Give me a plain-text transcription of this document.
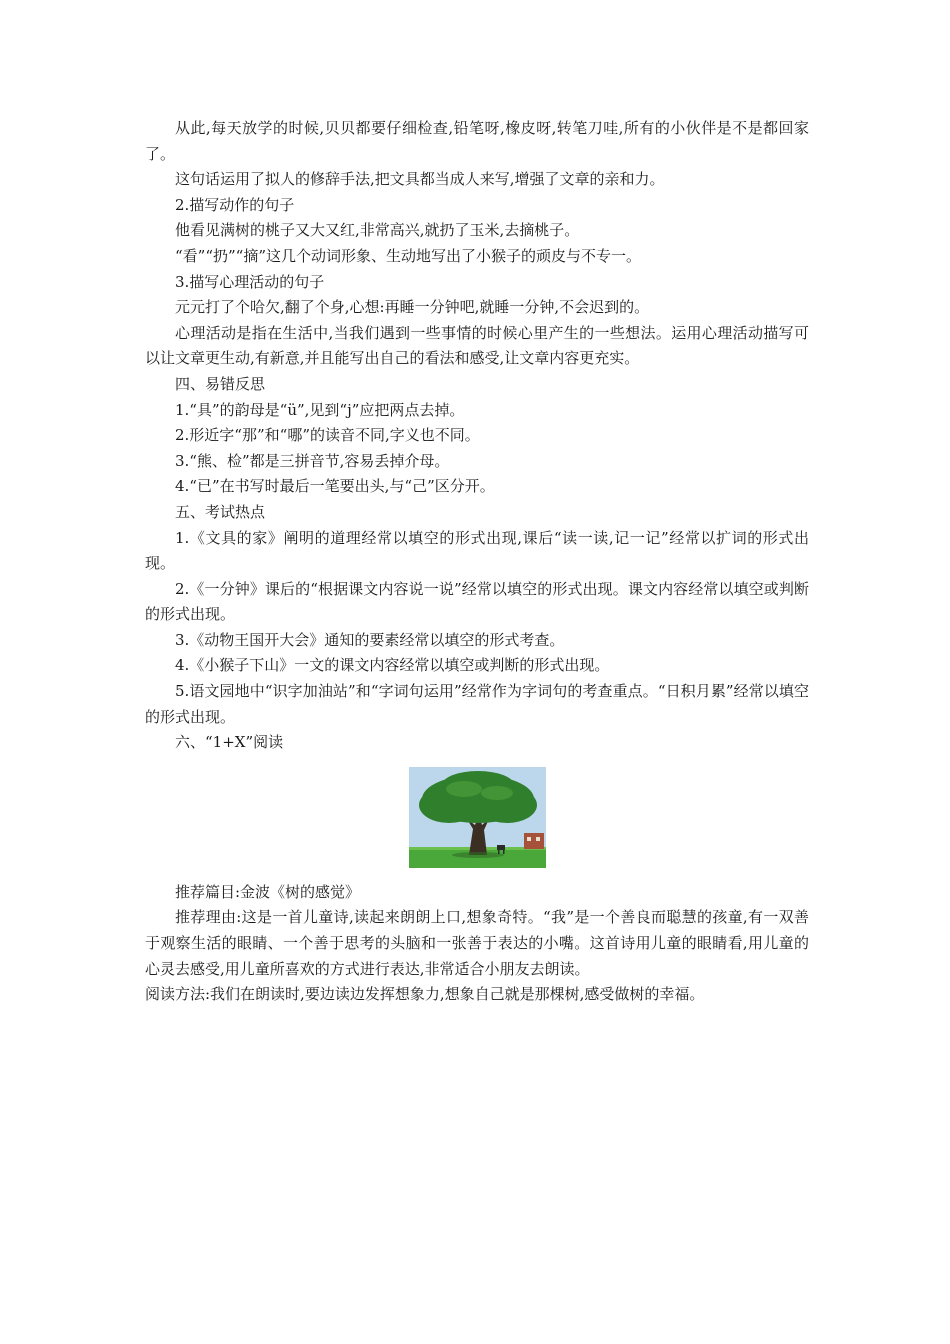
从此,每天放学的时候,贝贝都要仔细检查,铅笔呀,橡皮呀,转笔刀哇,所有的小伙伴是不是都回家了。

这句话运用了拟人的修辞手法,把文具都当成人来写,增强了文章的亲和力。

2.描写动作的句子

他看见满树的桃子又大又红,非常高兴,就扔了玉米,去摘桃子。

“看”“扔”“摘”这几个动词形象、生动地写出了小猴子的顽皮与不专一。

3.描写心理活动的句子

元元打了个哈欠,翻了个身,心想:再睡一分钟吧,就睡一分钟,不会迟到的。

心理活动是指在生活中,当我们遇到一些事情的时候心里产生的一些想法。运用心理活动描写可以让文章更生动,有新意,并且能写出自己的看法和感受,让文章内容更充实。

四、易错反思

1.“具”的韵母是“ü”,见到“j”应把两点去掉。

2.形近字“那”和“哪”的读音不同,字义也不同。

3.“熊、检”都是三拼音节,容易丢掉介母。

4.“已”在书写时最后一笔要出头,与“己”区分开。

五、考试热点

1.《文具的家》阐明的道理经常以填空的形式出现,课后“读一读,记一记”经常以扩词的形式出现。

2.《一分钟》课后的“根据课文内容说一说”经常以填空的形式出现。课文内容经常以填空或判断的形式出现。

3.《动物王国开大会》通知的要素经常以填空的形式考查。

4.《小猴子下山》一文的课文内容经常以填空或判断的形式出现。

5.语文园地中“识字加油站”和“字词句运用”经常作为字词句的考查重点。“日积月累”经常以填空的形式出现。

六、“1+X”阅读

推荐篇目:金波《树的感觉》

推荐理由:这是一首儿童诗,读起来朗朗上口,想象奇特。“我”是一个善良而聪慧的孩童,有一双善于观察生活的眼睛、一个善于思考的头脑和一张善于表达的小嘴。这首诗用儿童的眼睛看,用儿童的心灵去感受,用儿童所喜欢的方式进行表达,非常适合小朋友去朗读。

阅读方法:我们在朗读时,要边读边发挥想象力,想象自己就是那棵树,感受做树的幸福。
